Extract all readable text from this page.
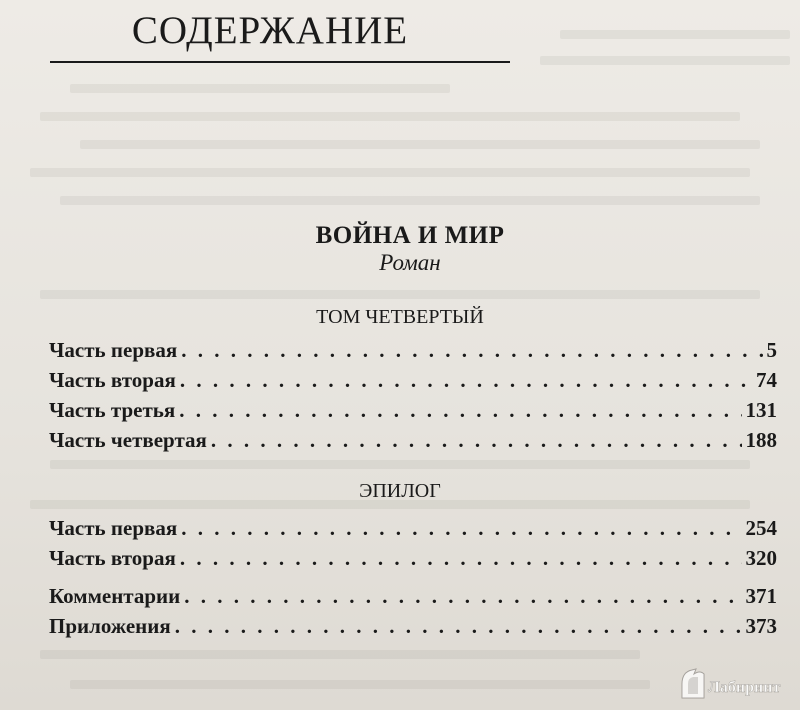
СОДЕРЖАНИЕ
ВОЙНА И МИР
Роман
ТОМ ЧЕТВЕРТЫЙ
Часть первая . . .	5
Часть вторая . . .	74
Часть третья . . .	131
Часть четвертая . . .	188
ЭПИЛОГ
Часть первая . . .	254
Часть вторая . . .	320
Комментарии . . .	371
Приложения . . .	373
Лабиринт
